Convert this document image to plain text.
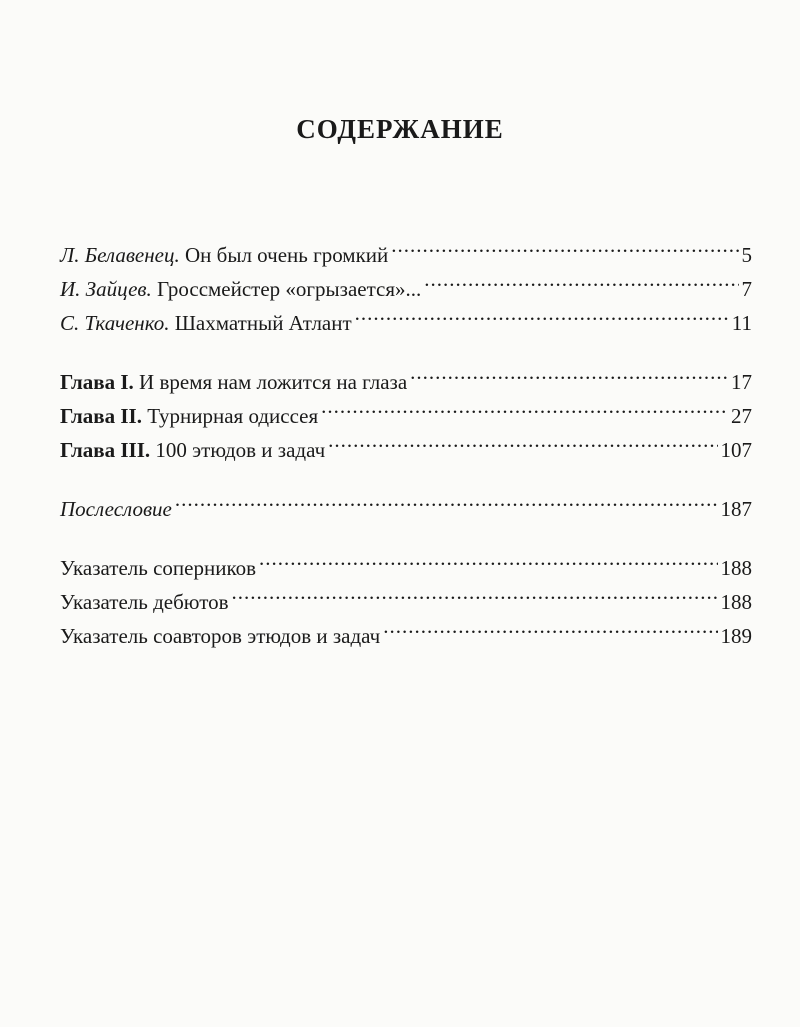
СОДЕРЖАНИЕ
Л. Белавенец. Он был очень громкий .....	5
И. Зайцев. Гроссмейстер «огрызается»... .....	7
С. Ткаченко. Шахматный Атлант .....	11
Глава I. И время нам ложится на глаза .....	17
Глава II. Турнирная одиссея .....	27
Глава III. 100 этюдов и задач .....	107
Послесловие .....	187
Указатель соперников .....	188
Указатель дебютов .....	188
Указатель соавторов этюдов и задач .....	189
